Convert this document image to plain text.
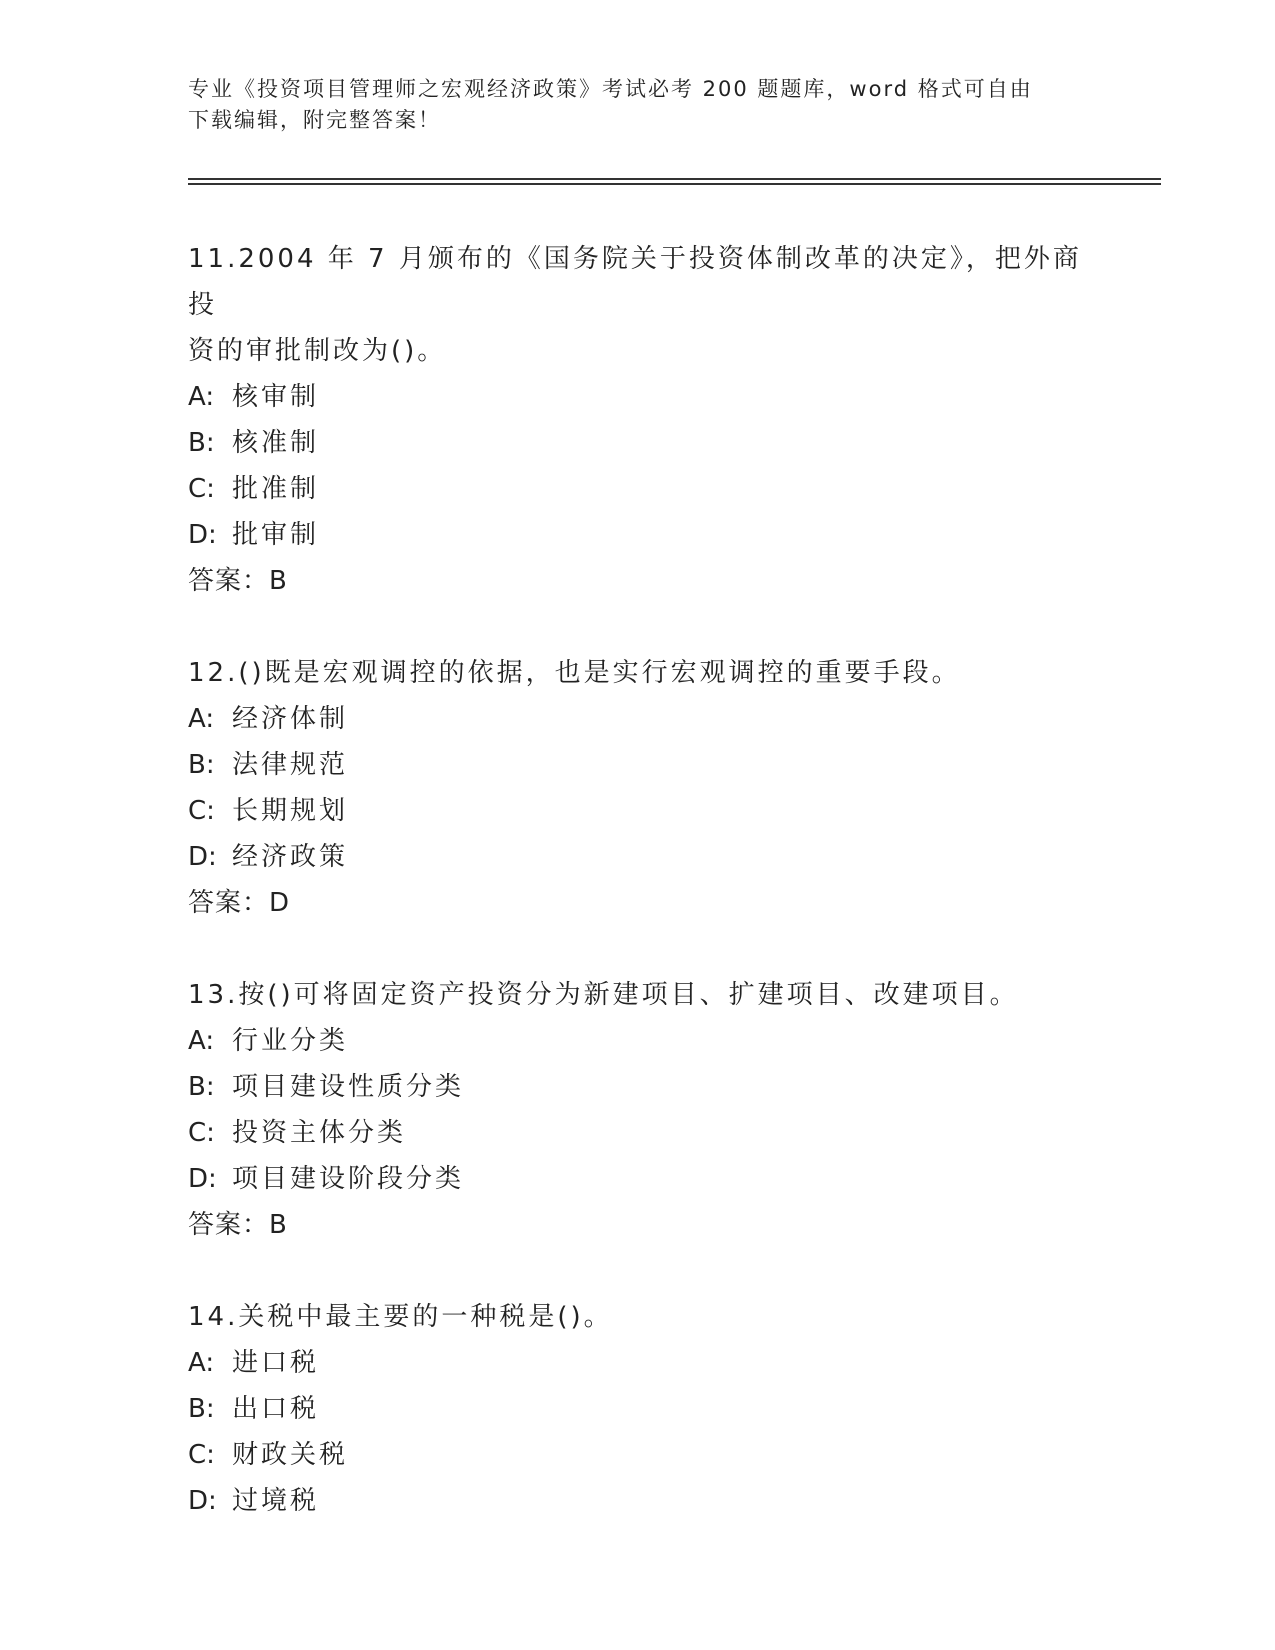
专业《投资项目管理师之宏观经济政策》考试必考 200 题题库，word 格式可自由
下载编辑，附完整答案！
11.2004 年 7 月颁布的《国务院关于投资体制改革的决定》，把外商投
资的审批制改为()。
A: 核审制
B: 核准制
C: 批准制
D: 批审制
答案：B
12.()既是宏观调控的依据，也是实行宏观调控的重要手段。
A: 经济体制
B: 法律规范
C: 长期规划
D: 经济政策
答案：D
13.按()可将固定资产投资分为新建项目、扩建项目、改建项目。
A: 行业分类
B: 项目建设性质分类
C: 投资主体分类
D: 项目建设阶段分类
答案：B
14.关税中最主要的一种税是()。
A: 进口税
B: 出口税
C: 财政关税
D: 过境税
